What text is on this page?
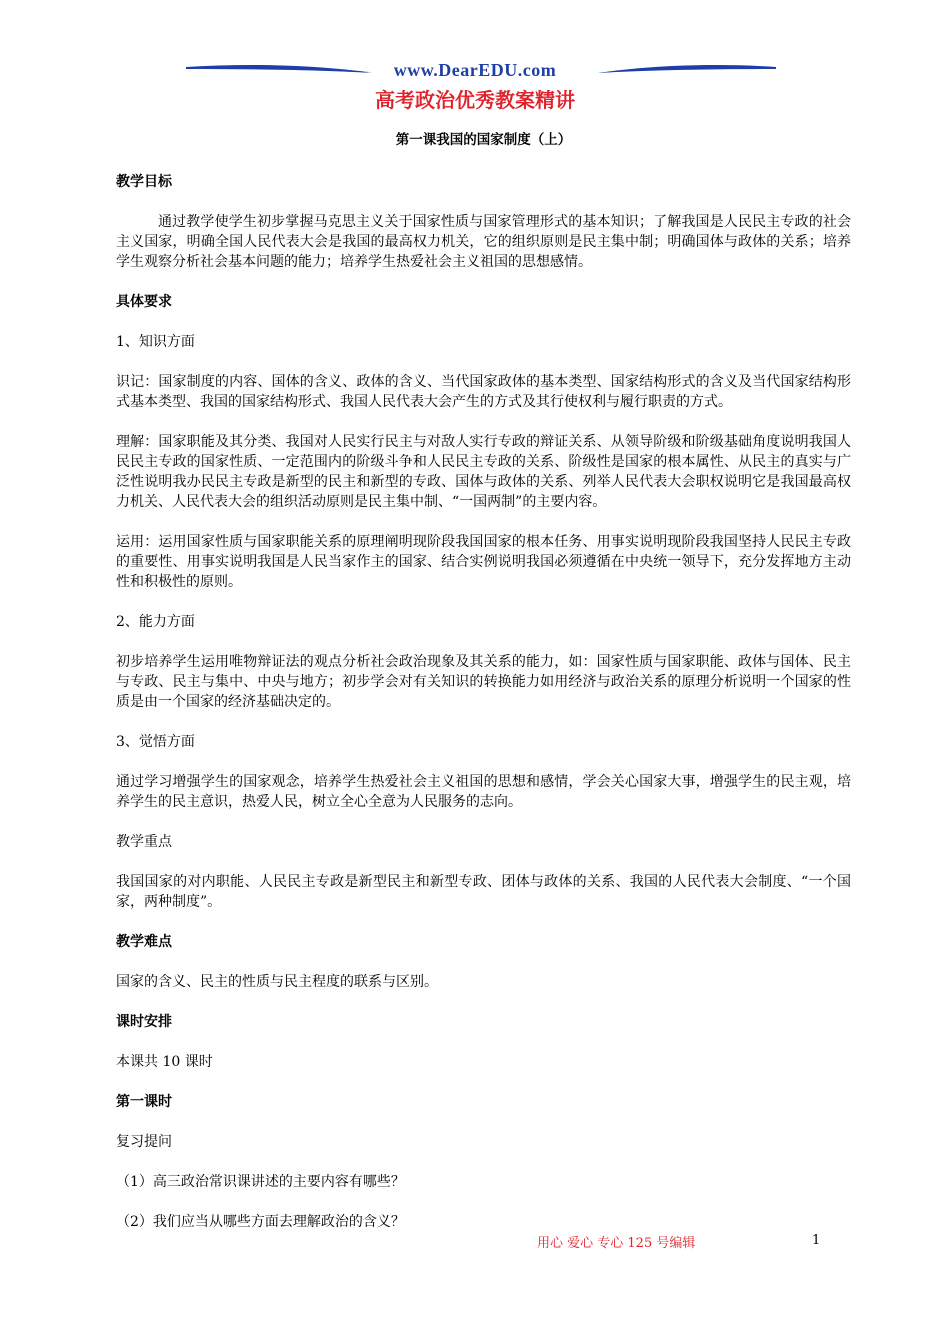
www.DearEDU.com
高考政治优秀教案精讲
第一课我国的国家制度（上）
教学目标

通过教学使学生初步掌握马克思主义关于国家性质与国家管理形式的基本知识；了解我国是人民民主专政的社会主义国家，明确全国人民代表大会是我国的最高权力机关，它的组织原则是民主集中制；明确国体与政体的关系；培养学生观察分析社会基本问题的能力；培养学生热爱社会主义祖国的思想感情。

具体要求

1、知识方面

识记：国家制度的内容、国体的含义、政体的含义、当代国家政体的基本类型、国家结构形式的含义及当代国家结构形式基本类型、我国的国家结构形式、我国人民代表大会产生的方式及其行使权利与履行职责的方式。

理解：国家职能及其分类、我国对人民实行民主与对敌人实行专政的辩证关系、从领导阶级和阶级基础角度说明我国人民民主专政的国家性质、一定范围内的阶级斗争和人民民主专政的关系、阶级性是国家的根本属性、从民主的真实与广泛性说明我办民民主专政是新型的民主和新型的专政、国体与政体的关系、列举人民代表大会职权说明它是我国最高权力机关、人民代表大会的组织活动原则是民主集中制、“一国两制”的主要内容。

运用：运用国家性质与国家职能关系的原理阐明现阶段我国国家的根本任务、用事实说明现阶段我国坚持人民民主专政的重要性、用事实说明我国是人民当家作主的国家、结合实例说明我国必须遵循在中央统一领导下，充分发挥地方主动性和积极性的原则。

2、能力方面

初步培养学生运用唯物辩证法的观点分析社会政治现象及其关系的能力，如：国家性质与国家职能、政体与国体、民主与专政、民主与集中、中央与地方；初步学会对有关知识的转换能力如用经济与政治关系的原理分析说明一个国家的性质是由一个国家的经济基础决定的。

3、觉悟方面

通过学习增强学生的国家观念，培养学生热爱社会主义祖国的思想和感情，学会关心国家大事，增强学生的民主观，培养学生的民主意识，热爱人民，树立全心全意为人民服务的志向。

教学重点

我国国家的对内职能、人民民主专政是新型民主和新型专政、团体与政体的关系、我国的人民代表大会制度、“一个国家，两种制度”。

教学难点

国家的含义、民主的性质与民主程度的联系与区别。

课时安排

本课共 10 课时

第一课时

复习提问

（1）高三政治常识课讲述的主要内容有哪些？

（2）我们应当从哪些方面去理解政治的含义？

用心 爱心 专心 125 号编辑	1
